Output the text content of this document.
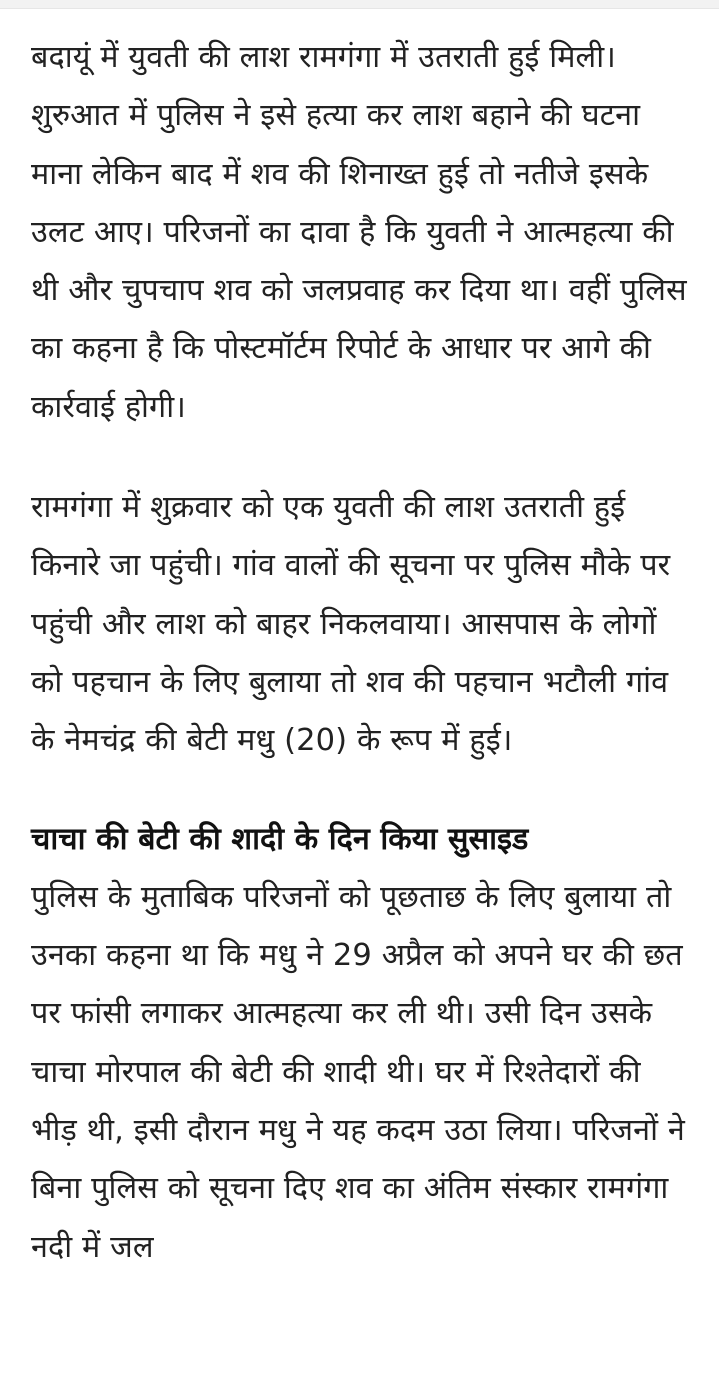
बदायूं में युवती की लाश रामगंगा में उतराती हुई मिली। शुरुआत में पुलिस ने इसे हत्या कर लाश बहाने की घटना माना लेकिन बाद में शव की शिनाख्त हुई तो नतीजे इसके उलट आए। परिजनों का दावा है कि युवती ने आत्महत्या की थी और चुपचाप शव को जलप्रवाह कर दिया था। वहीं पुलिस का कहना है कि पोस्टमॉर्टम रिपोर्ट के आधार पर आगे की कार्रवाई होगी।

रामगंगा में शुक्रवार को एक युवती की लाश उतराती हुई किनारे जा पहुंची। गांव वालों की सूचना पर पुलिस मौके पर पहुंची और लाश को बाहर निकलवाया। आसपास के लोगों को पहचान के लिए बुलाया तो शव की पहचान भटौली गांव के नेमचंद्र की बेटी मधु (20) के रूप में हुई।

चाचा की बेटी की शादी के दिन किया सुसाइड

पुलिस के मुताबिक परिजनों को पूछताछ के लिए बुलाया तो उनका कहना था कि मधु ने 29 अप्रैल को अपने घर की छत पर फांसी लगाकर आत्महत्या कर ली थी। उसी दिन उसके चाचा मोरपाल की बेटी की शादी थी। घर में रिश्तेदारों की भीड़ थी, इसी दौरान मधु ने यह कदम उठा लिया। परिजनों ने बिना पुलिस को सूचना दिए शव का अंतिम संस्कार रामगंगा नदी में जल
